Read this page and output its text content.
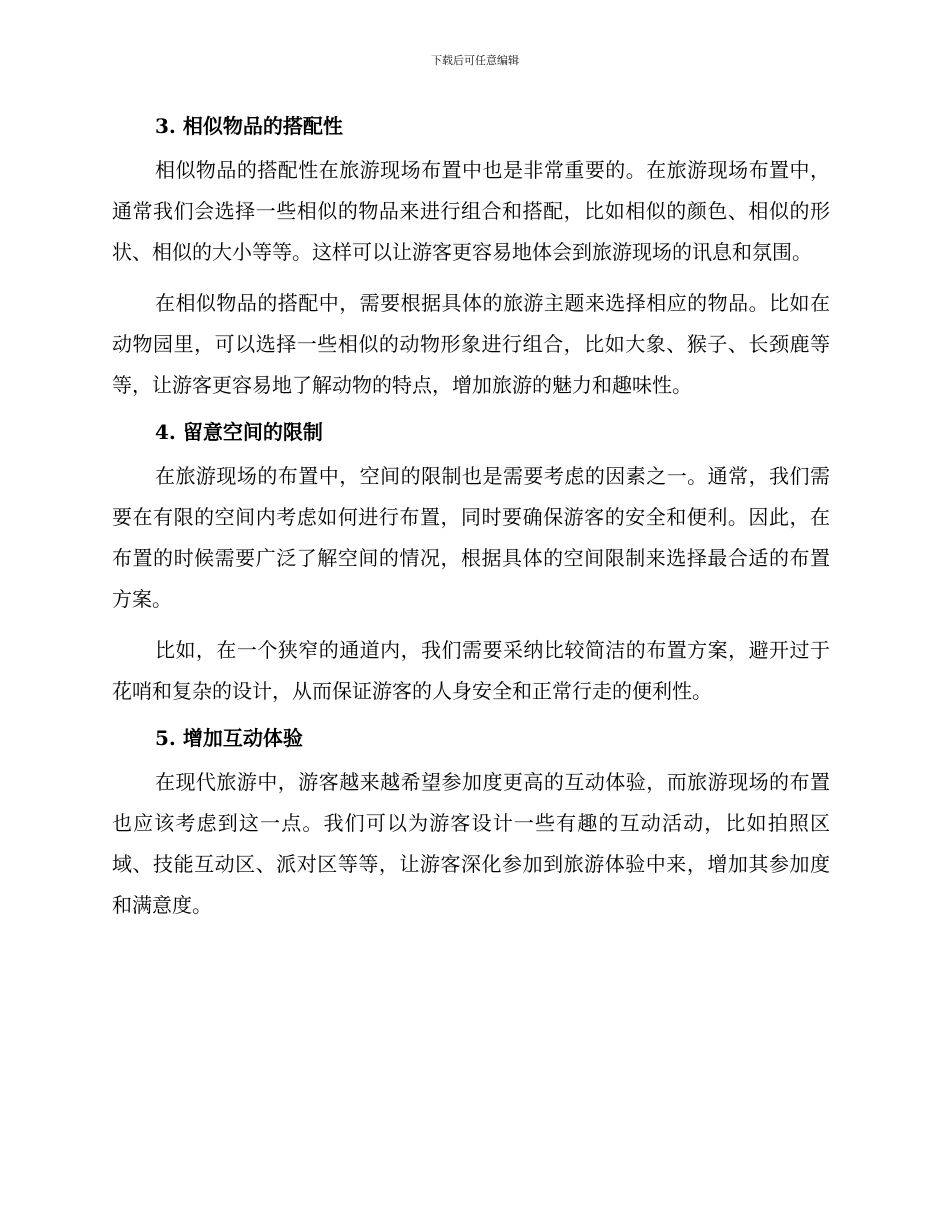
下载后可任意编辑
3. 相似物品的搭配性

相似物品的搭配性在旅游现场布置中也是非常重要的。在旅游现场布置中，通常我们会选择一些相似的物品来进行组合和搭配，比如相似的颜色、相似的形状、相似的大小等等。这样可以让游客更容易地体会到旅游现场的讯息和氛围。

在相似物品的搭配中，需要根据具体的旅游主题来选择相应的物品。比如在动物园里，可以选择一些相似的动物形象进行组合，比如大象、猴子、长颈鹿等等，让游客更容易地了解动物的特点，增加旅游的魅力和趣味性。

4. 留意空间的限制

在旅游现场的布置中，空间的限制也是需要考虑的因素之一。通常，我们需要在有限的空间内考虑如何进行布置，同时要确保游客的安全和便利。因此，在布置的时候需要广泛了解空间的情况，根据具体的空间限制来选择最合适的布置方案。

比如，在一个狭窄的通道内，我们需要采纳比较简洁的布置方案，避开过于花哨和复杂的设计，从而保证游客的人身安全和正常行走的便利性。

5. 增加互动体验

在现代旅游中，游客越来越希望参加度更高的互动体验，而旅游现场的布置也应该考虑到这一点。我们可以为游客设计一些有趣的互动活动，比如拍照区域、技能互动区、派对区等等，让游客深化参加到旅游体验中来，增加其参加度和满意度。
